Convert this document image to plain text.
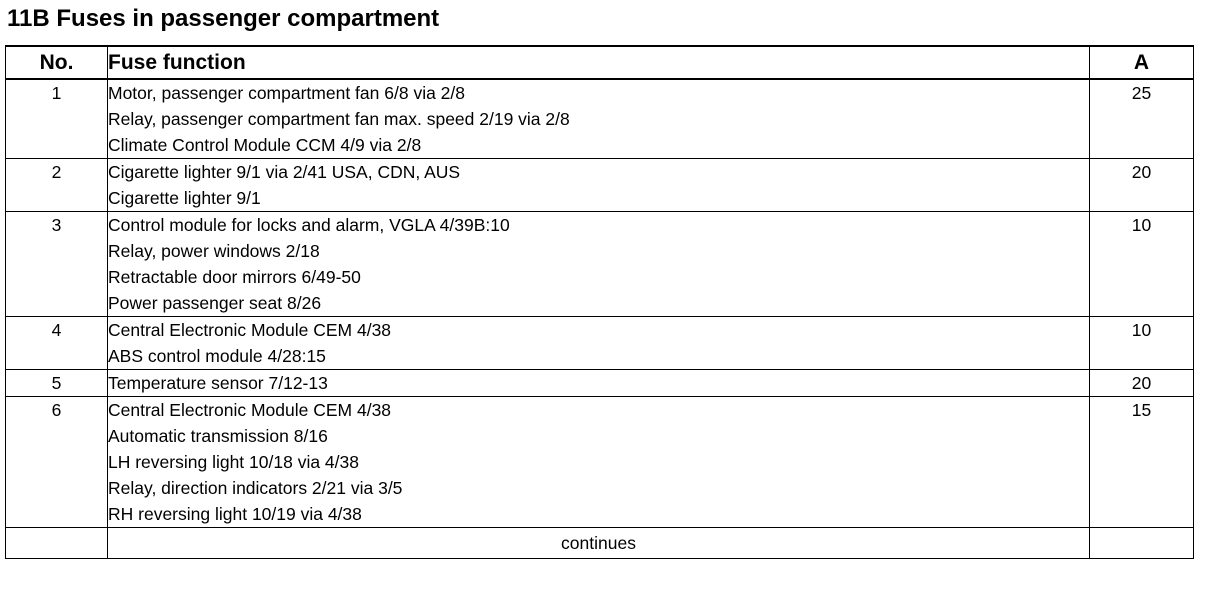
11B Fuses in passenger compartment
No.	Fuse function	A
1	Motor, passenger compartment fan 6/8 via 2/8
Relay, passenger compartment fan max. speed 2/19 via 2/8
Climate Control Module CCM 4/9 via 2/8	25
2	Cigarette lighter 9/1 via 2/41 USA, CDN, AUS
Cigarette lighter 9/1	20
3	Control module for locks and alarm, VGLA 4/39B:10
Relay, power windows 2/18
Retractable door mirrors 6/49-50
Power passenger seat 8/26	10
4	Central Electronic Module CEM 4/38
ABS control module 4/28:15	10
5	Temperature sensor 7/12-13	20
6	Central Electronic Module CEM 4/38
Automatic transmission 8/16
LH reversing light 10/18 via 4/38
Relay, direction indicators 2/21 via 3/5
RH reversing light 10/19 via 4/38	15
	continues	
